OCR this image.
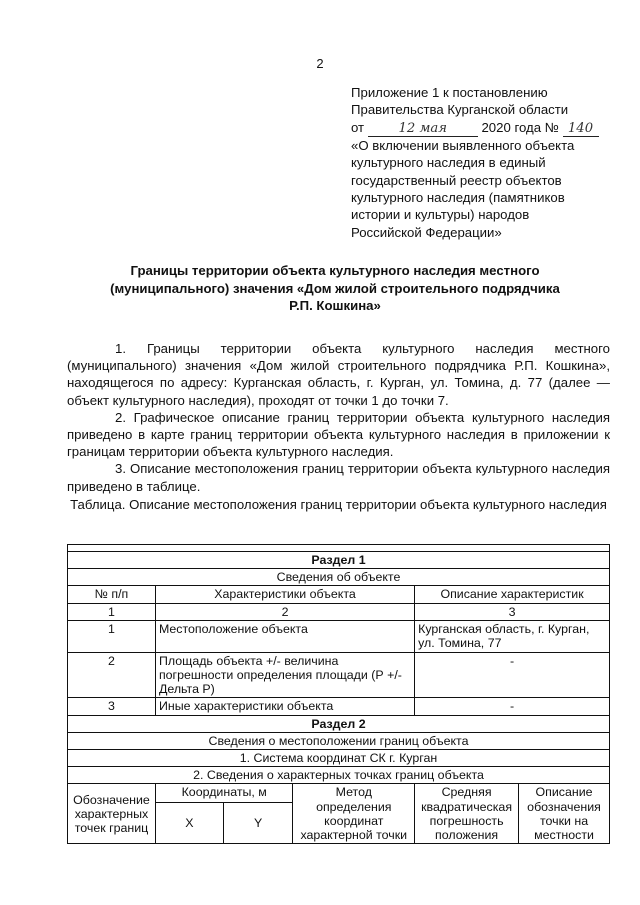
2
Приложение 1 к постановлению
Правительства Курганской области
от	12 мая	2020 года № 140
«О включении выявленного объекта
культурного наследия в единый
государственный реестр объектов
культурного наследия (памятников
истории и культуры) народов
Российской Федерации»
Границы территории объекта культурного наследия местного
(муниципального) значения «Дом жилой строительного подрядчика
Р.П. Кошкина»

1. Границы территории объекта культурного наследия местного (муниципального) значения «Дом жилой строительного подрядчика Р.П. Кошкина», находящегося по адресу: Курганская область, г. Курган, ул. Томина, д. 77 (далее — объект культурного наследия), проходят от точки 1 до точки 7.

2. Графическое описание границ территории объекта культурного наследия приведено в карте границ территории объекта культурного наследия в приложении к границам территории объекта культурного наследия.

3. Описание местоположения границ территории объекта культурного наследия приведено в таблице.

Таблица. Описание местоположения границ территории объекта культурного наследия

Раздел 1					
Сведения об объекте					
№ п/п	Характеристики объекта			Описание характеристик	
1	2			3	
1	Местоположение объекта			Курганская область, г. Курган, ул. Томина, 77	
2	Площадь объекта +/- величина погрешности определения площади (Р +/- Дельта Р)			-	
3	Иные характеристики объекта			-	
Раздел 2					
Сведения о местоположении границ объекта					
1. Система координат СК г. Курган					
2. Сведения о характерных точках границ объекта					
Обозначение характерных точек границ	Координаты, м		Метод определения координат характерной точки	Средняя квадратическая погрешность положения	Описание обозначения точки на местности
	X	Y			
